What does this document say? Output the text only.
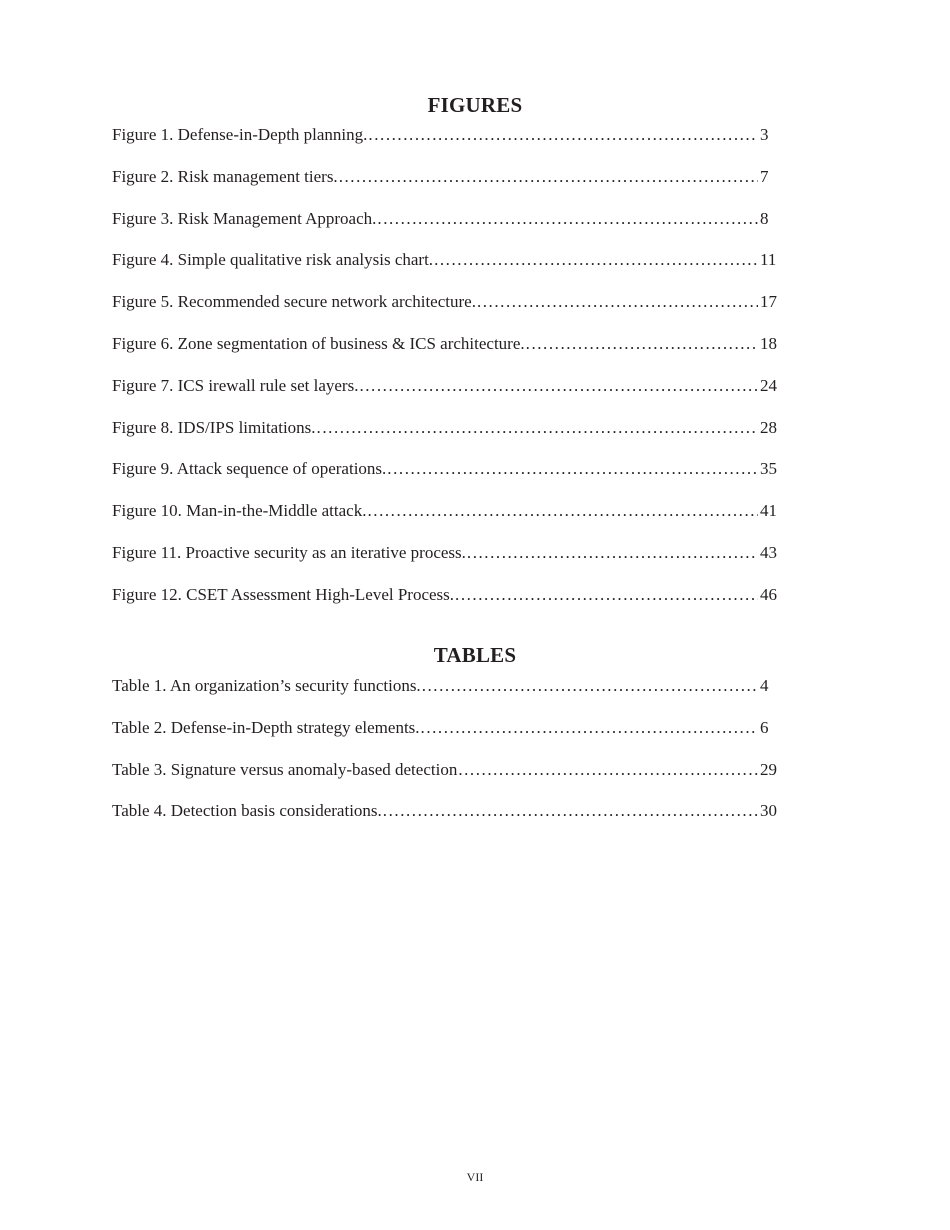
FIGURES
Figure 1. Defense-in-Depth planning. . . .	3
Figure 2. Risk management tiers. . . .	7
Figure 3. Risk Management Approach. . . .	8
Figure 4. Simple qualitative risk analysis chart. . . .	11
Figure 5. Recommended secure network architecture. . . .	17
Figure 6. Zone segmentation of business & ICS architecture. . . .	18
Figure 7. ICS irewall rule set layers. . . .	24
Figure 8. IDS/IPS limitations. . . .	28
Figure 9. Attack sequence of operations. . . .	35
Figure 10. Man-in-the-Middle attack. . . .	41
Figure 11. Proactive security as an iterative process. . . .	43
Figure 12. CSET Assessment High-Level Process. . . .	46
TABLES
Table 1. An organization’s security functions. . . .	4
Table 2. Defense-in-Depth strategy elements. . . .	6
Table 3. Signature versus anomaly-based detection . . .	29
Table 4. Detection basis considerations. . . .	30
VII
